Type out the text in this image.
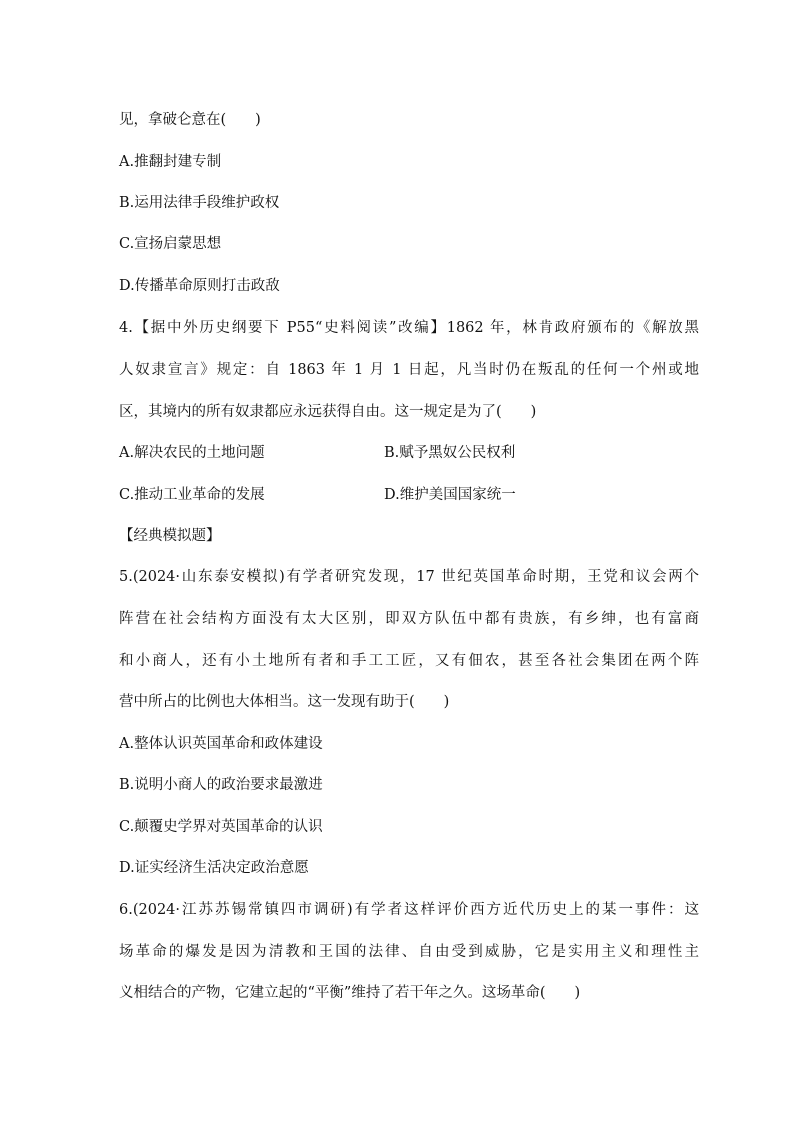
见，拿破仑意在(　　)
A.推翻封建专制
B.运用法律手段维护政权
C.宣扬启蒙思想
D.传播革命原则打击政敌
4.【据中外历史纲要下 P55“史料阅读”改编】1862 年，林肯政府颁布的《解放黑
人奴隶宣言》规定：自 1863 年 1 月 1 日起，凡当时仍在叛乱的任何一个州或地
区，其境内的所有奴隶都应永远获得自由。这一规定是为了(　　)
A.解决农民的土地问题	B.赋予黑奴公民权利
C.推动工业革命的发展	D.维护美国国家统一
【经典模拟题】
5.(2024·山东泰安模拟)有学者研究发现，17 世纪英国革命时期，王党和议会两个
阵营在社会结构方面没有太大区别，即双方队伍中都有贵族，有乡绅，也有富商
和小商人，还有小土地所有者和手工工匠，又有佃农，甚至各社会集团在两个阵
营中所占的比例也大体相当。这一发现有助于(　　)
A.整体认识英国革命和政体建设
B.说明小商人的政治要求最激进
C.颠覆史学界对英国革命的认识
D.证实经济生活决定政治意愿
6.(2024·江苏苏锡常镇四市调研)有学者这样评价西方近代历史上的某一事件：这
场革命的爆发是因为清教和王国的法律、自由受到威胁，它是实用主义和理性主
义相结合的产物，它建立起的“平衡”维持了若干年之久。这场革命(　　)
